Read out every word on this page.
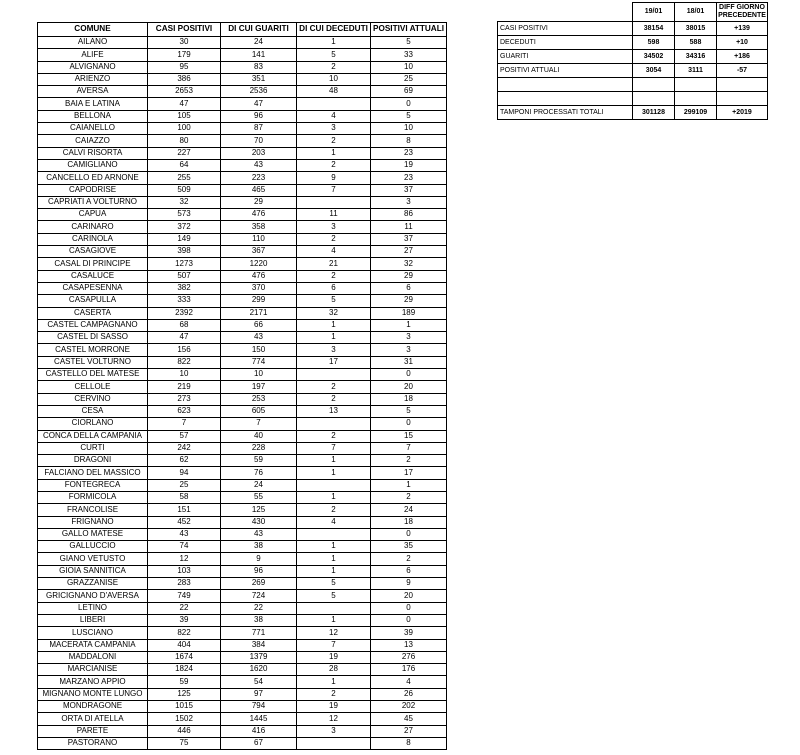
COMUNE	CASI POSITIVI	DI CUI GUARITI	DI CUI DECEDUTI	POSITIVI ATTUALI
AILANO	30	24	1	5
ALIFE	179	141	5	33
ALVIGNANO	95	83	2	10
ARIENZO	386	351	10	25
AVERSA	2653	2536	48	69
BAIA E LATINA	47	47		0
BELLONA	105	96	4	5
CAIANELLO	100	87	3	10
CAIAZZO	80	70	2	8
CALVI RISORTA	227	203	1	23
CAMIGLIANO	64	43	2	19
CANCELLO ED ARNONE	255	223	9	23
CAPODRISE	509	465	7	37
CAPRIATI A VOLTURNO	32	29		3
CAPUA	573	476	11	86
CARINARO	372	358	3	11
CARINOLA	149	110	2	37
CASAGIOVE	398	367	4	27
CASAL DI PRINCIPE	1273	1220	21	32
CASALUCE	507	476	2	29
CASAPESENNA	382	370	6	6
CASAPULLA	333	299	5	29
CASERTA	2392	2171	32	189
CASTEL CAMPAGNANO	68	66	1	1
CASTEL DI SASSO	47	43	1	3
CASTEL MORRONE	156	150	3	3
CASTEL VOLTURNO	822	774	17	31
CASTELLO DEL MATESE	10	10		0
CELLOLE	219	197	2	20
CERVINO	273	253	2	18
CESA	623	605	13	5
CIORLANO	7	7		0
CONCA DELLA CAMPANIA	57	40	2	15
CURTI	242	228	7	7
DRAGONI	62	59	1	2
FALCIANO DEL MASSICO	94	76	1	17
FONTEGRECA	25	24		1
FORMICOLA	58	55	1	2
FRANCOLISE	151	125	2	24
FRIGNANO	452	430	4	18
GALLO MATESE	43	43		0
GALLUCCIO	74	38	1	35
GIANO VETUSTO	12	9	1	2
GIOIA SANNITICA	103	96	1	6
GRAZZANISE	283	269	5	9
GRICIGNANO D'AVERSA	749	724	5	20
LETINO	22	22		0
LIBERI	39	38	1	0
LUSCIANO	822	771	12	39
MACERATA CAMPANIA	404	384	7	13
MADDALONI	1674	1379	19	276
MARCIANISE	1824	1620	28	176
MARZANO APPIO	59	54	1	4
MIGNANO MONTE LUNGO	125	97	2	26
MONDRAGONE	1015	794	19	202
ORTA DI ATELLA	1502	1445	12	45
PARETE	446	416	3	27
PASTORANO	75	67		8
	19/01	18/01	DIFF GIORNO PRECEDENTE
CASI POSITIVI	38154	38015	+139
DECEDUTI	598	588	+10
GUARITI	34502	34316	+186
POSITIVI ATTUALI	3054	3111	-57

TAMPONI PROCESSATI TOTALI	301128	299109	+2019
